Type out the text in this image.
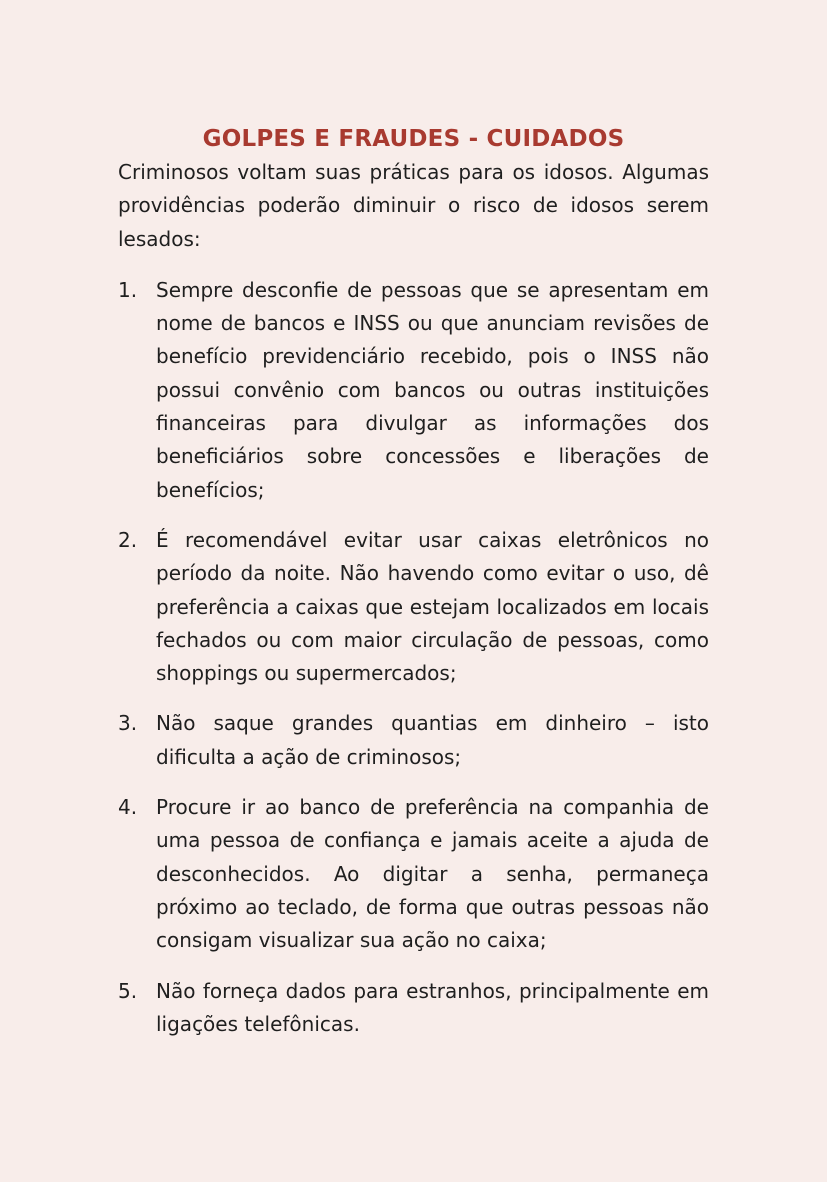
GOLPES E FRAUDES - CUIDADOS

Criminosos voltam suas práticas para os idosos. Algumas providências poderão diminuir o risco de idosos serem lesados:

1. Sempre desconfie de pessoas que se apresentam em nome de bancos e INSS ou que anunciam revisões de benefício previdenciário recebido, pois o INSS não possui convênio com bancos ou outras instituições financeiras para divulgar as informações dos beneficiários sobre concessões e liberações de benefícios;
2. É recomendável evitar usar caixas eletrônicos no período da noite. Não havendo como evitar o uso, dê preferência a caixas que estejam localizados em locais fechados ou com maior circulação de pessoas, como shoppings ou supermercados;
3. Não saque grandes quantias em dinheiro – isto dificulta a ação de criminosos;
4. Procure ir ao banco de preferência na companhia de uma pessoa de confiança e jamais aceite a ajuda de desconhecidos. Ao digitar a senha, permaneça próximo ao teclado, de forma que outras pessoas não consigam visualizar sua ação no caixa;
5. Não forneça dados para estranhos, principalmente em ligações telefônicas.
